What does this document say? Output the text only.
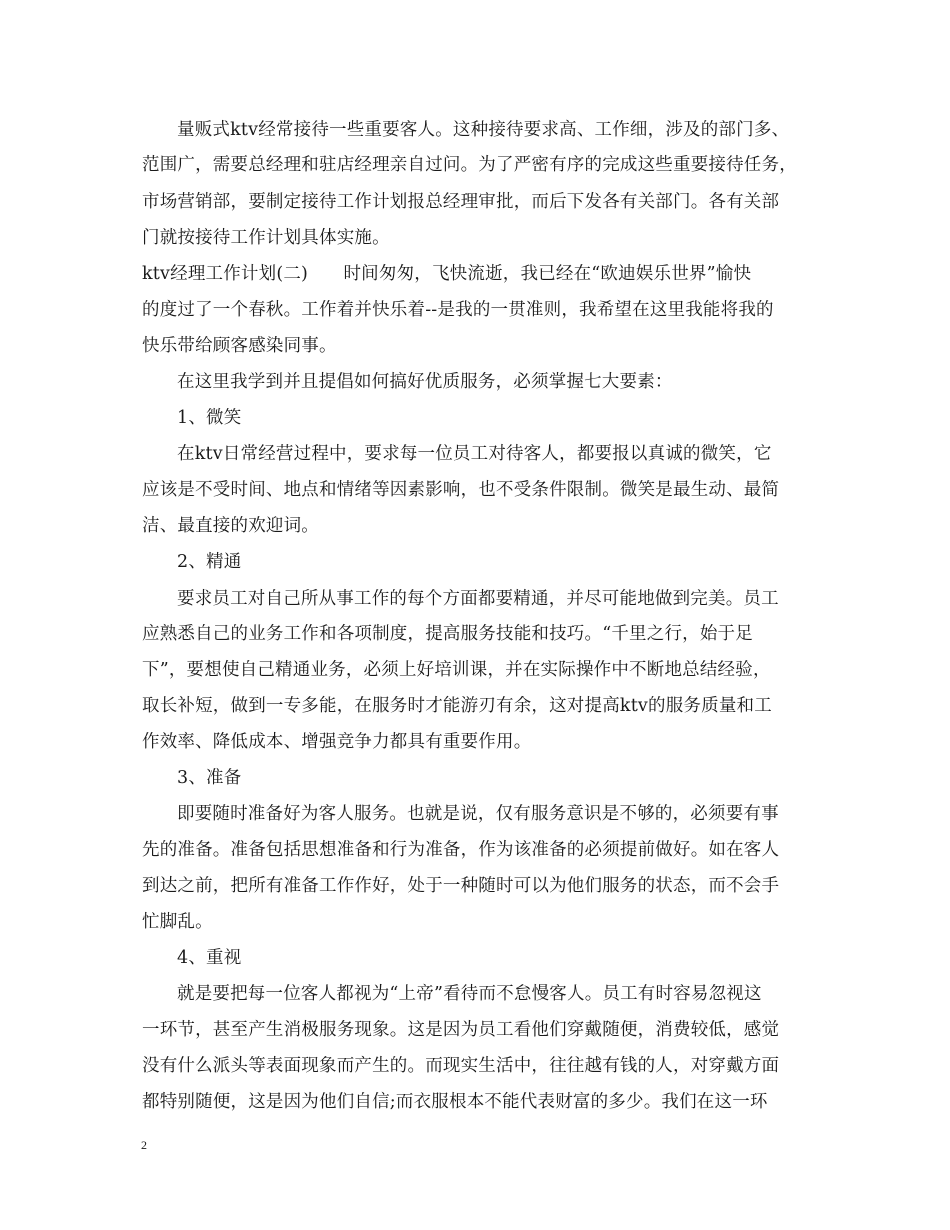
量贩式ktv经常接待一些重要客人。这种接待要求高、工作细，涉及的部门多、
范围广，需要总经理和驻店经理亲自过问。为了严密有序的完成这些重要接待任务，
市场营销部，要制定接待工作计划报总经理审批，而后下发各有关部门。各有关部
门就按接待工作计划具体实施。
ktv经理工作计划(二)　　时间匆匆，飞快流逝，我已经在“欧迪娱乐世界”愉快
的度过了一个春秋。工作着并快乐着--是我的一贯准则，我希望在这里我能将我的
快乐带给顾客感染同事。
在这里我学到并且提倡如何搞好优质服务，必须掌握七大要素：
1、微笑
在ktv日常经营过程中，要求每一位员工对待客人，都要报以真诚的微笑，它
应该是不受时间、地点和情绪等因素影响，也不受条件限制。微笑是最生动、最简
洁、最直接的欢迎词。
2、精通
要求员工对自己所从事工作的每个方面都要精通，并尽可能地做到完美。员工
应熟悉自己的业务工作和各项制度，提高服务技能和技巧。“千里之行，始于足
下”，要想使自己精通业务，必须上好培训课，并在实际操作中不断地总结经验，
取长补短，做到一专多能，在服务时才能游刃有余，这对提高ktv的服务质量和工
作效率、降低成本、增强竞争力都具有重要作用。
3、准备
即要随时准备好为客人服务。也就是说，仅有服务意识是不够的，必须要有事
先的准备。准备包括思想准备和行为准备，作为该准备的必须提前做好。如在客人
到达之前，把所有准备工作作好，处于一种随时可以为他们服务的状态，而不会手
忙脚乱。
4、重视
就是要把每一位客人都视为“上帝”看待而不怠慢客人。员工有时容易忽视这
一环节，甚至产生消极服务现象。这是因为员工看他们穿戴随便，消费较低，感觉
没有什么派头等表面现象而产生的。而现实生活中，往往越有钱的人，对穿戴方面
都特别随便，这是因为他们自信;而衣服根本不能代表财富的多少。我们在这一环
2
